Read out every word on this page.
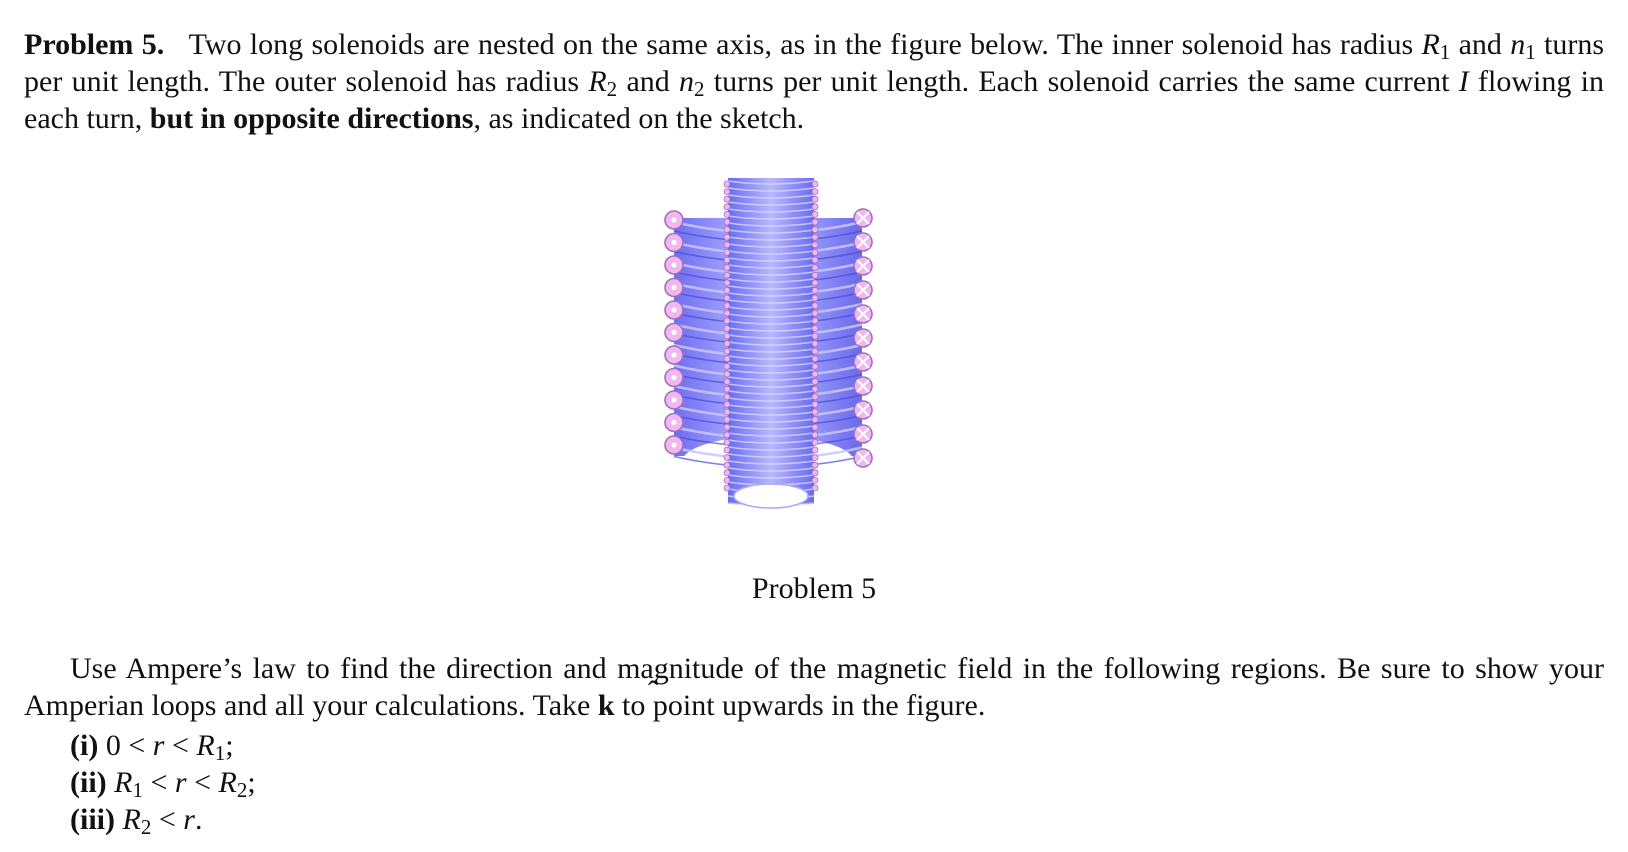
Problem 5. Two long solenoids are nested on the same axis, as in the figure below. The inner solenoid has radius $R_1$ and $n_1$ turns per unit length. The outer solenoid has radius $R_2$ and $n_2$ turns per unit length. Each solenoid carries the same current I flowing in each turn, but in opposite directions, as indicated on the sketch.
Problem 5
Use Ampere’s law to find the direction and magnitude of the magnetic field in the following regions. Be sure to show your Amperian loops and all your calculations. Take ˆ k to point upwards in the figure.
(i) $0 < r < R_1$;
(ii) $R_1 < r < R_2$;
(iii) $R_2 < r$.
